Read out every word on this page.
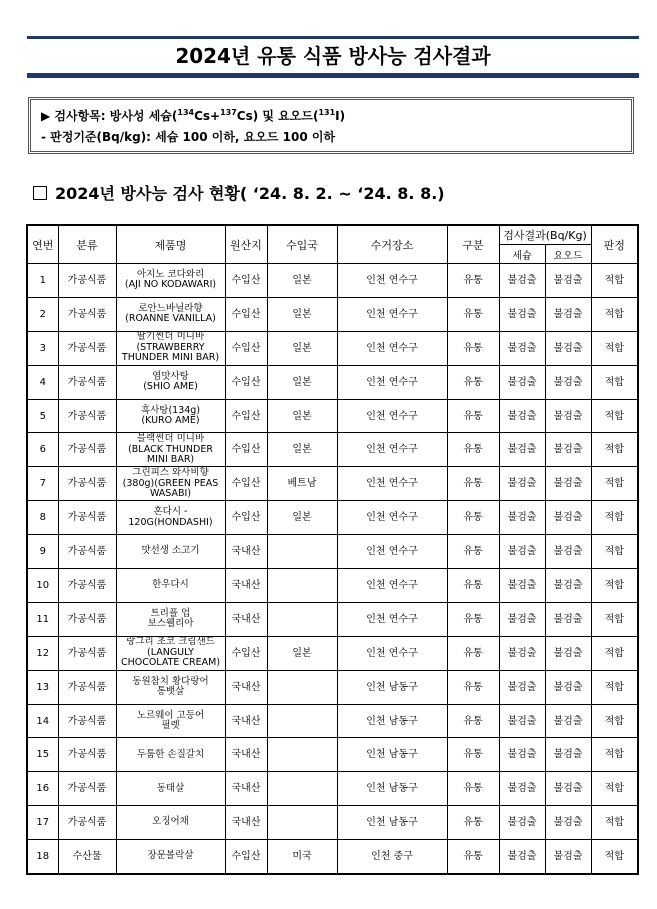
2024년 유통 식품 방사능 검사결과
▶ 검사항목: 방사성 세슘($^{134}$Cs+$^{137}$Cs) 및 요오드($^{131}$I)
- 판정기준(Bq/kg): 세슘 100 이하, 요오드 100 이하
2024년 방사능 검사 현황( ‘24. 8. 2. ~ ‘24. 8. 8.)
연번	분류	제품명	원산지	수입국	수거장소	구분	검사결과(Bq/Kg)		판정
							세슘	요오드	
1	가공식품	아지노 코다와리
(AJI NO KODAWARI)	수입산	일본	인천 연수구	유통	불검출	불검출	적합
2	가공식품	로안느바닐라향
(ROANNE VANILLA)	수입산	일본	인천 연수구	유통	불검출	불검출	적합
3	가공식품	딸기썬더 미니바
(STRAWBERRY
THUNDER MINI BAR)	수입산	일본	인천 연수구	유통	불검출	불검출	적합
4	가공식품	염맛사탕
(SHIO AME)	수입산	일본	인천 연수구	유통	불검출	불검출	적합
5	가공식품	흑사탕(134g)
(KURO AME)	수입산	일본	인천 연수구	유통	불검출	불검출	적합
6	가공식품	블랙썬더 미니바
(BLACK THUNDER
MINI BAR)	수입산	일본	인천 연수구	유통	불검출	불검출	적합
7	가공식품	그린피스 와사비향
(380g)(GREEN PEAS
WASABI)	수입산	베트남	인천 연수구	유통	불검출	불검출	적합
8	가공식품	혼다시 -
120G(HONDASHI)	수입산	일본	인천 연수구	유통	불검출	불검출	적합
9	가공식품	맛선생 소고기	국내산		인천 연수구	유통	불검출	불검출	적합
10	가공식품	한우다시	국내산		인천 연수구	유통	불검출	불검출	적합
11	가공식품	트리플 업
보스웰리아	국내산		인천 연수구	유통	불검출	불검출	적합
12	가공식품	랑그리 초코 크림샌드
(LANGULY
CHOCOLATE CREAM)	수입산	일본	인천 연수구	유통	불검출	불검출	적합
13	가공식품	동원참치 황다랑어
통뱃살	국내산		인천 남동구	유통	불검출	불검출	적합
14	가공식품	노르웨이 고등어
필렛	국내산		인천 남동구	유통	불검출	불검출	적합
15	가공식품	두툼한 손질갈치	국내산		인천 남동구	유통	불검출	불검출	적합
16	가공식품	동태살	국내산		인천 남동구	유통	불검출	불검출	적합
17	가공식품	오징어채	국내산		인천 남동구	유통	불검출	불검출	적합
18	수산물	장문볼락살	수입산	미국	인천 중구	유통	불검출	불검출	적합
